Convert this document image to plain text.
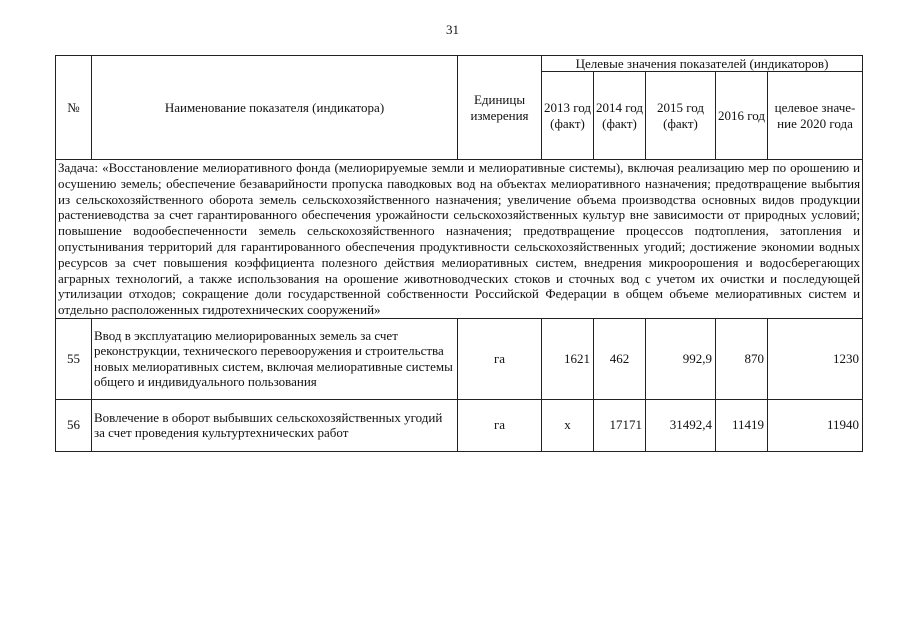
31
№	Наименование показателя (индикатора)	Единицы измерения	Целевые значения показателей (индикаторов)				
			2013 год (факт)	2014 год (факт)	2015 год (факт)	2016 год	целевое значе-ние 2020 года
Задача: «Восстановление мелиоративного фонда (мелиорируемые земли и мелиоративные системы), включая реализацию мер по орошению и осушению земель; обеспечение безаварийности пропуска паводковых вод на объектах мелиоративного назначения; предотвращение выбытия из сельскохозяйственного оборота земель сельскохозяйственного назначения; увеличение объема производства основных видов продукции растениеводства за счет гарантированного обеспечения урожайности сельскохозяйственных культур вне зависимости от природных условий; повышение водообеспеченности земель сельскохозяйственного назначения; предотвращение процессов подтопления, затопления и опустынивания территорий для гарантированного обеспечения продуктивности сельскохозяйственных угодий; достижение экономии водных ресурсов за счет повышения коэффициента полезного действия мелиоративных систем, внедрения микроорошения и водосберегающих аграрных технологий, а также использования на орошение животноводческих стоков и сточных вод с учетом их очистки и последующей утилизации отходов; сокращение доли государственной собственности Российской Федерации в общем объеме мелиоративных систем и отдельно расположенных гидротехнических сооружений»							
55	Ввод в эксплуатацию мелиорированных земель за счет реконструкции, технического перевооружения и строительства новых мелиоративных систем, включая мелиоративные системы общего и индивидуального пользования	га	1621	462	992,9	870	1230
56	Вовлечение в оборот выбывших сельскохозяйственных угодий за счет проведения культуртехнических работ	га	х	17171	31492,4	11419	11940
